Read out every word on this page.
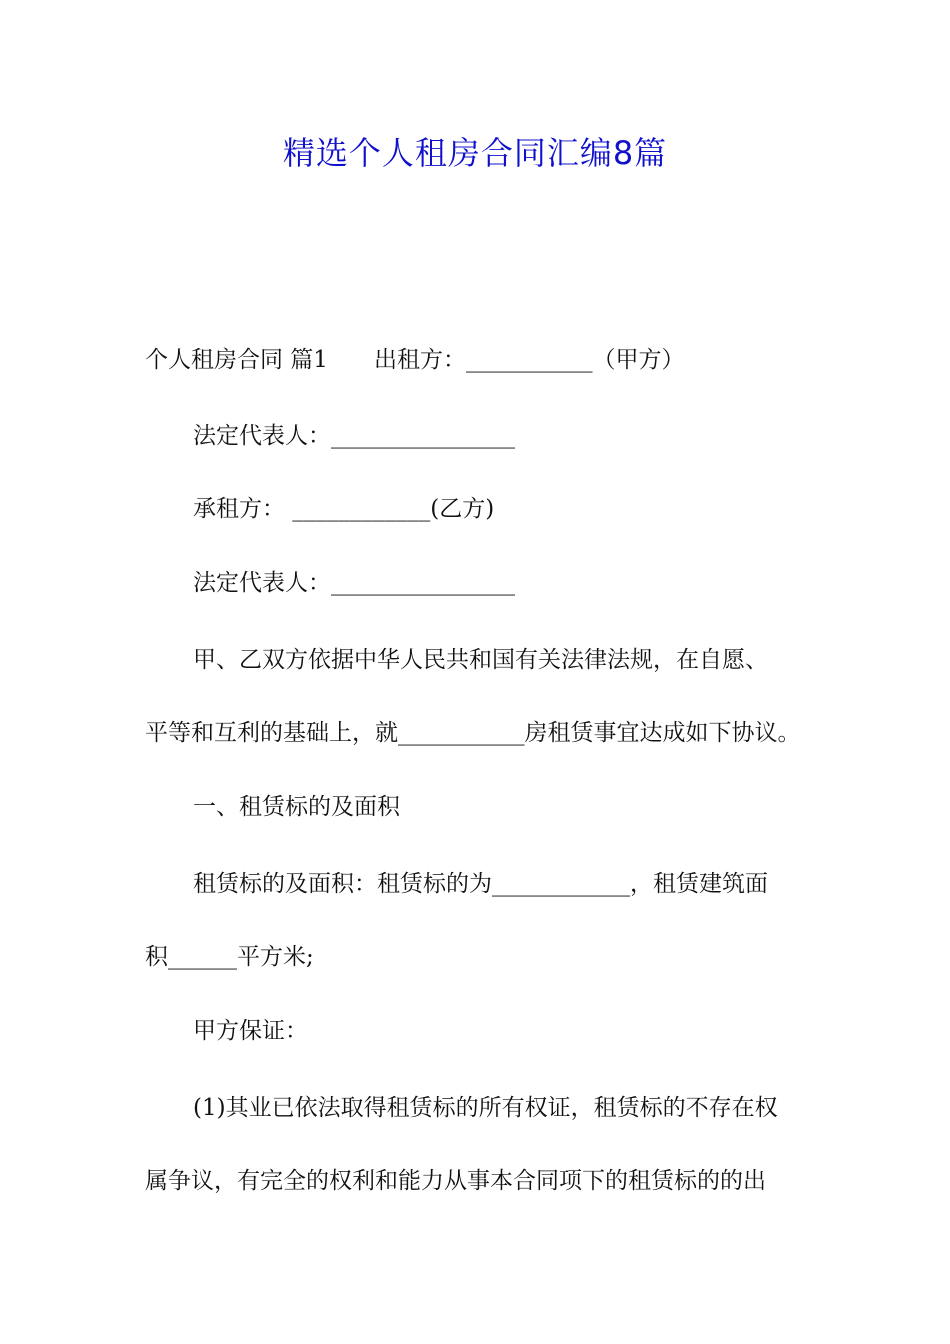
精选个人租房合同汇编8篇
个人租房合同 篇1 出租方：___________（甲方）
法定代表人：________________
承租方： ____________(乙方)
法定代表人：________________
甲、乙双方依据中华人民共和国有关法律法规，在自愿、
平等和互利的基础上，就___________房租赁事宜达成如下协议。
一、租赁标的及面积
租赁标的及面积：租赁标的为____________，租赁建筑面
积______平方米;
甲方保证：
(1)其业已依法取得租赁标的所有权证，租赁标的不存在权
属争议，有完全的权利和能力从事本合同项下的租赁标的的出
